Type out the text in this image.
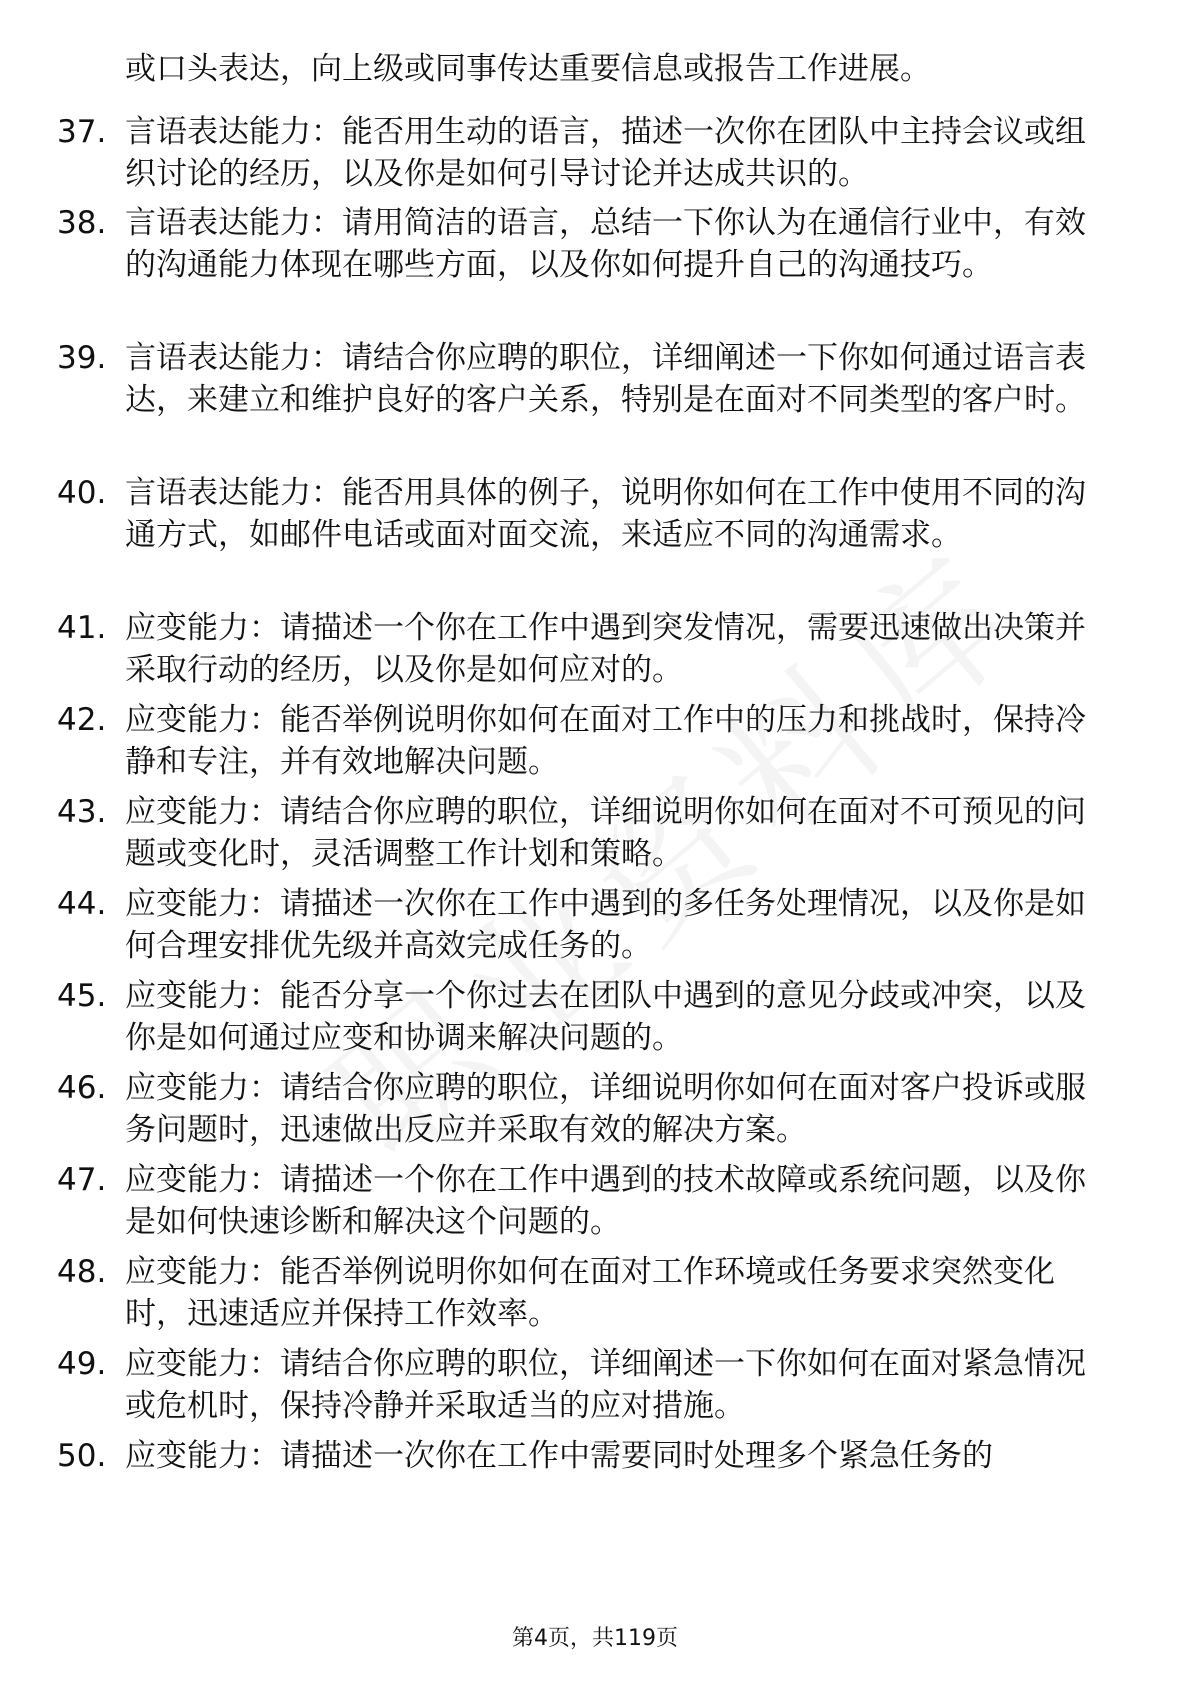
或口头表达，向上级或同事传达重要信息或报告工作进展。
37. 言语表达能力：能否用生动的语言，描述一次你在团队中主持会议或组织讨论的经历，以及你是如何引导讨论并达成共识的。
38. 言语表达能力：请用简洁的语言，总结一下你认为在通信行业中，有效的沟通能力体现在哪些方面，以及你如何提升自己的沟通技巧。
39. 言语表达能力：请结合你应聘的职位，详细阐述一下你如何通过语言表达，来建立和维护良好的客户关系，特别是在面对不同类型的客户时。
40. 言语表达能力：能否用具体的例子，说明你如何在工作中使用不同的沟通方式，如邮件电话或面对面交流，来适应不同的沟通需求。
41. 应变能力：请描述一个你在工作中遇到突发情况，需要迅速做出决策并采取行动的经历，以及你是如何应对的。
42. 应变能力：能否举例说明你如何在面对工作中的压力和挑战时，保持冷静和专注，并有效地解决问题。
43. 应变能力：请结合你应聘的职位，详细说明你如何在面对不可预见的问题或变化时，灵活调整工作计划和策略。
44. 应变能力：请描述一次你在工作中遇到的多任务处理情况，以及你是如何合理安排优先级并高效完成任务的。
45. 应变能力：能否分享一个你过去在团队中遇到的意见分歧或冲突，以及你是如何通过应变和协调来解决问题的。
46. 应变能力：请结合你应聘的职位，详细说明你如何在面对客户投诉或服务问题时，迅速做出反应并采取有效的解决方案。
47. 应变能力：请描述一个你在工作中遇到的技术故障或系统问题，以及你是如何快速诊断和解决这个问题的。
48. 应变能力：能否举例说明你如何在面对工作环境或任务要求突然变化时，迅速适应并保持工作效率。
49. 应变能力：请结合你应聘的职位，详细阐述一下你如何在面对紧急情况或危机时，保持冷静并采取适当的应对措施。
50. 应变能力：请描述一次你在工作中需要同时处理多个紧急任务的
第4页，共119页
